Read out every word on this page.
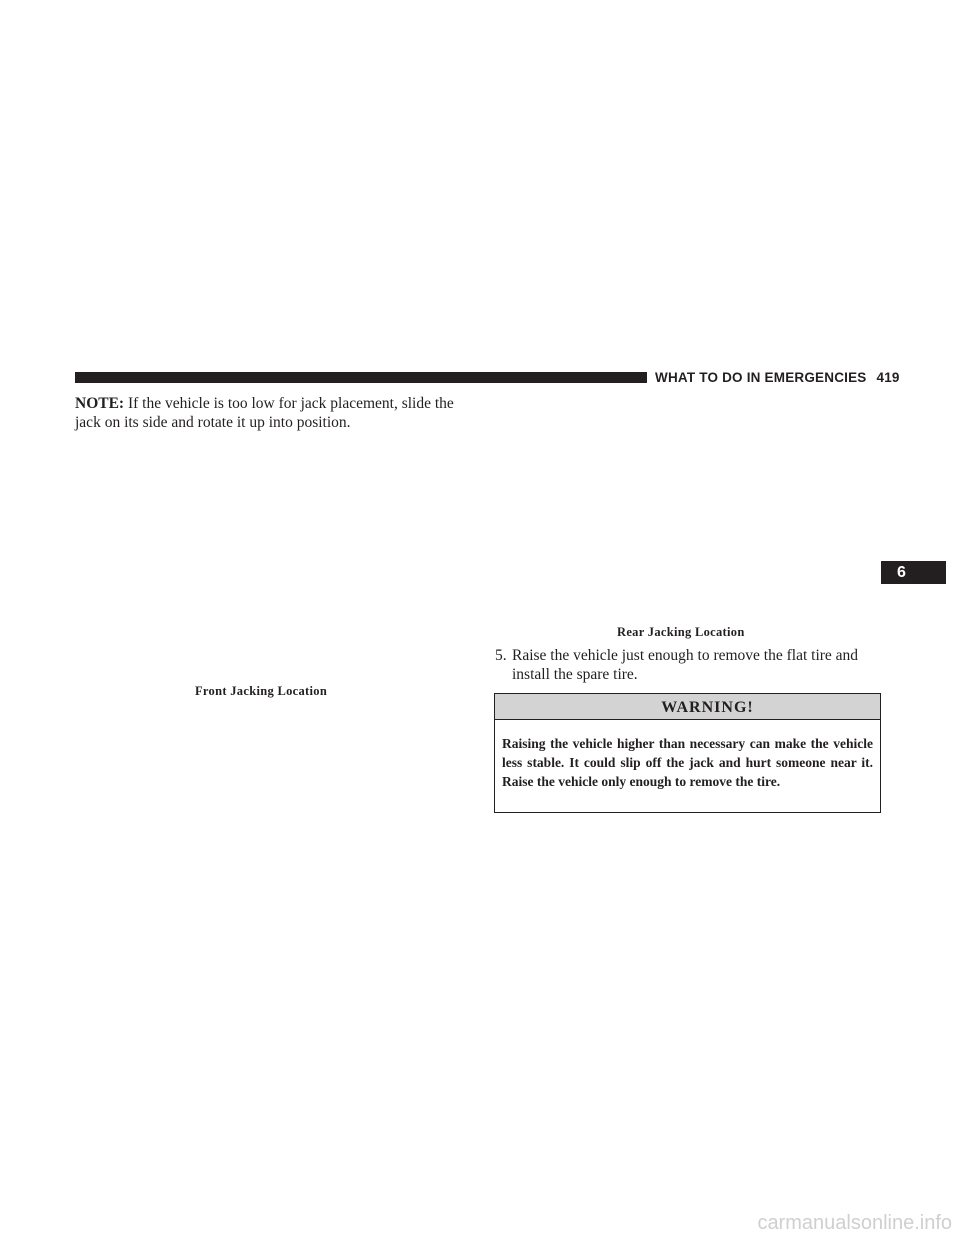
WHAT TO DO IN EMERGENCIES 419
NOTE: If the vehicle is too low for jack placement, slide the jack on its side and rotate it up into position.
Front Jacking Location
Rear Jacking Location
5. Raise the vehicle just enough to remove the flat tire and
install the spare tire.
WARNING!
Raising the vehicle higher than necessary can make the vehicle less stable. It could slip off the jack and hurt someone near it. Raise the vehicle only enough to remove the tire.
6
carmanualsonline.info
